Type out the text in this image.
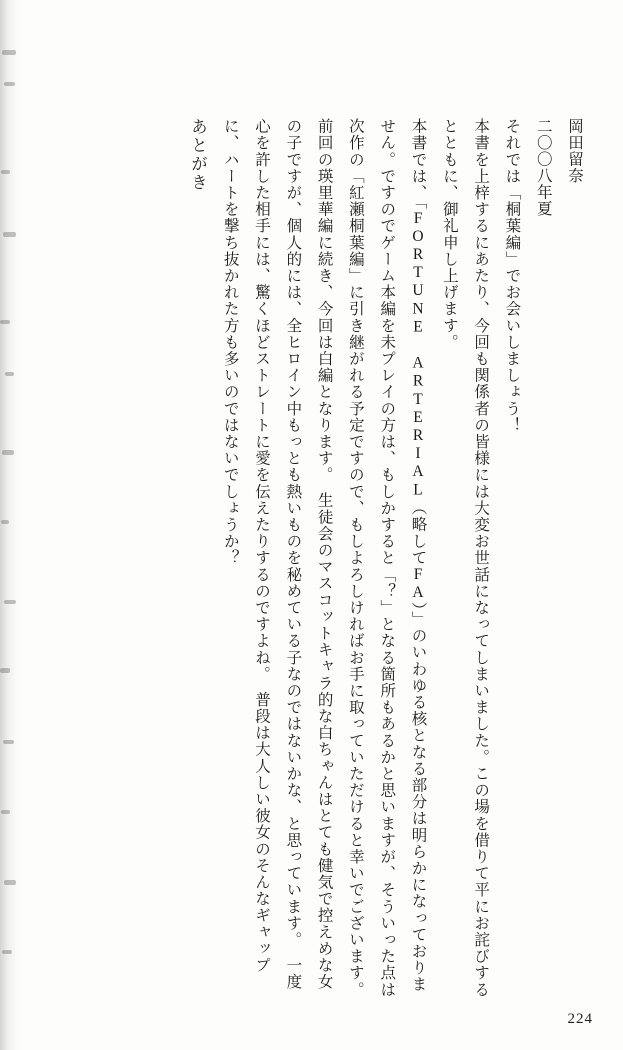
岡田留奈

二〇〇八年夏

それでは「桐葉編」でお会いしましょう！

本書を上梓するにあたり、今回も関係者の皆様には大変お世話になってしまいました。この場を借りて平にお詫びするとともに、御礼申し上げます。

本書では、「FORTUNE ARTERIAL（略してFA）」のいわゆる核となる部分は明らかになっておりません。ですのでゲーム本編を未プレイの方は、もしかすると「？」となる箇所もあるかと思いますが、そういった点は次作の「紅瀬桐葉編」に引き継がれる予定ですので、もしよろしければお手に取っていただけると幸いでございます。

前回の瑛里華編に続き、今回は白編となります。　生徒会のマスコットキャラ的な白ちゃんはとても健気で控えめな女の子ですが、個人的には、全ヒロイン中もっとも熱いものを秘めている子なのではないかな、と思っています。　一度心を許した相手には、驚くほどストレートに愛を伝えたりするのですよね。　普段は大人しい彼女のそんなギャップに、ハートを撃ち抜かれた方も多いのではないでしょうか？

あとがき

224
